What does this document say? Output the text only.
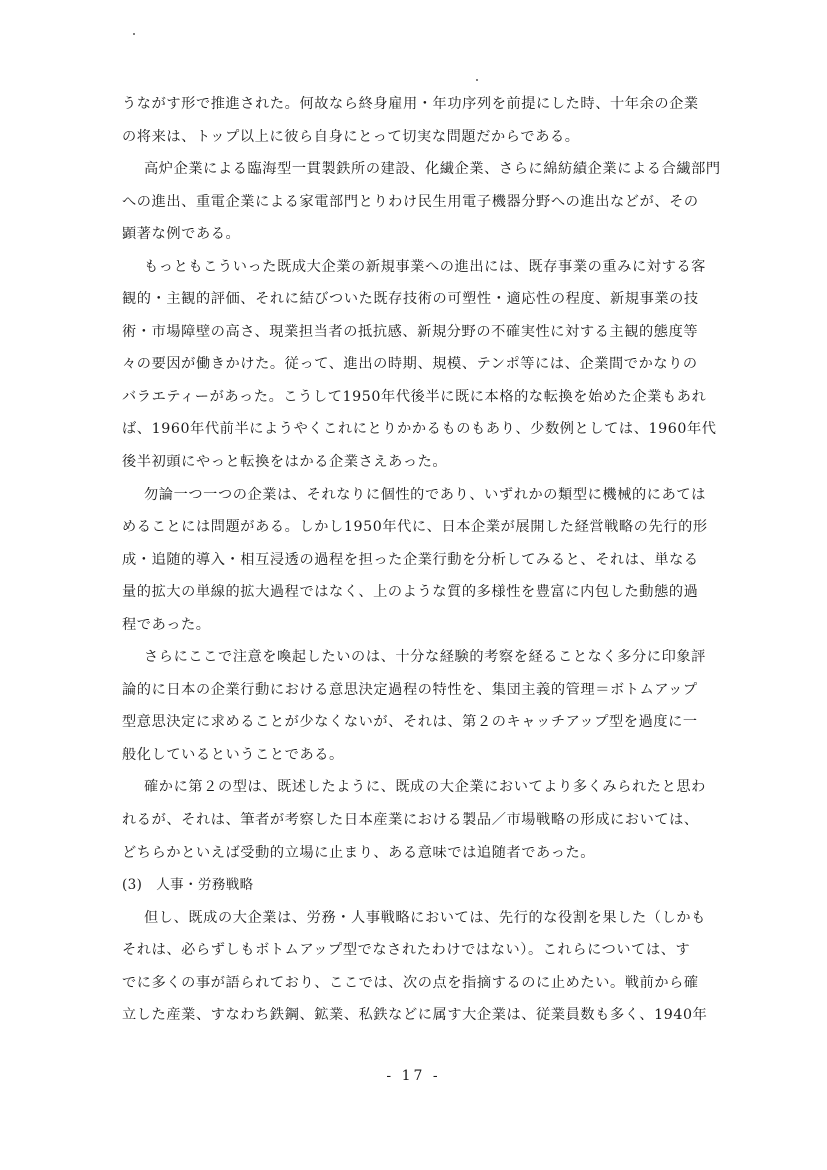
うながす形で推進された。何故なら終身雇用・年功序列を前提にした時、十年余の企業
の将来は、トップ以上に彼ら自身にとって切実な問題だからである。
高炉企業による臨海型一貫製鉄所の建設、化繊企業、さらに綿紡績企業による合繊部門
への進出、重電企業による家電部門とりわけ民生用電子機器分野への進出などが、その
顕著な例である。
もっともこういった既成大企業の新規事業への進出には、既存事業の重みに対する客
観的・主観的評価、それに結びついた既存技術の可塑性・適応性の程度、新規事業の技
術・市場障壁の高さ、現業担当者の抵抗感、新規分野の不確実性に対する主観的態度等
々の要因が働きかけた。従って、進出の時期、規模、テンポ等には、企業間でかなりの
バラエティーがあった。こうして1950年代後半に既に本格的な転換を始めた企業もあれ
ば、1960年代前半にようやくこれにとりかかるものもあり、少数例としては、1960年代
後半初頭にやっと転換をはかる企業さえあった。
勿論一つ一つの企業は、それなりに個性的であり、いずれかの類型に機械的にあては
めることには問題がある。しかし1950年代に、日本企業が展開した経営戦略の先行的形
成・追随的導入・相互浸透の過程を担った企業行動を分析してみると、それは、単なる
量的拡大の単線的拡大過程ではなく、上のような質的多様性を豊富に内包した動態的過
程であった。
さらにここで注意を喚起したいのは、十分な経験的考察を経ることなく多分に印象評
論的に日本の企業行動における意思決定過程の特性を、集団主義的管理＝ボトムアップ
型意思決定に求めることが少なくないが、それは、第２のキャッチアップ型を過度に一
般化しているということである。
確かに第２の型は、既述したように、既成の大企業においてより多くみられたと思わ
れるが、それは、筆者が考察した日本産業における製品／市場戦略の形成においては、
どちらかといえば受動的立場に止まり、ある意味では追随者であった。
(3)　人事・労務戦略
但し、既成の大企業は、労務・人事戦略においては、先行的な役割を果した（しかも
それは、必らずしもボトムアップ型でなされたわけではない）。これらについては、す
でに多くの事が語られており、ここでは、次の点を指摘するのに止めたい。戦前から確
立した産業、すなわち鉄鋼、鉱業、私鉄などに属す大企業は、従業員数も多く、1940年
- 17 -
